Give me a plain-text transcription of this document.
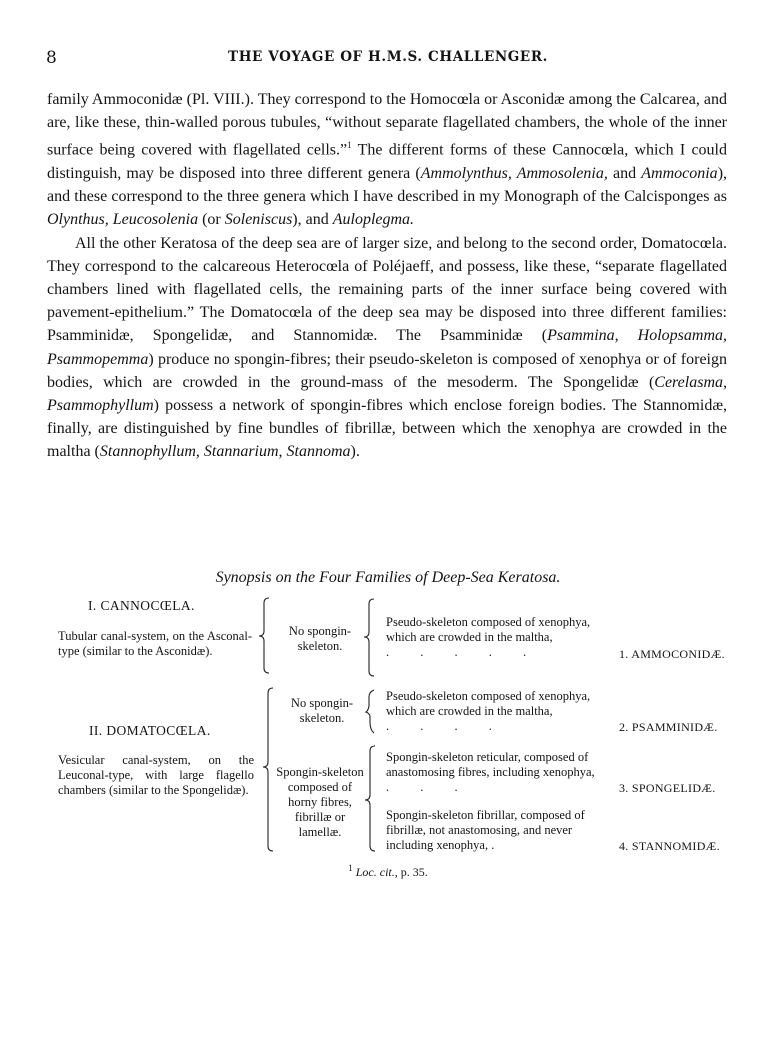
8	THE VOYAGE OF H.M.S. CHALLENGER.

family Ammoconidæ (Pl. VIII.). They correspond to the Homocœla or Asconidæ among the Calcarea, and are, like these, thin-walled porous tubules, “without separate flagellated chambers, the whole of the inner surface being covered with flagellated cells.”$^1$ The different forms of these Cannocœla, which I could distinguish, may be disposed into three different genera (Ammolynthus, Ammosolenia, and Ammoconia), and these correspond to the three genera which I have described in my Monograph of the Calcisponges as Olynthus, Leucosolenia (or Soleniscus), and Auloplegma.

All the other Keratosa of the deep sea are of larger size, and belong to the second order, Domatocœla. They correspond to the calcareous Heterocœla of Poléjaeff, and possess, like these, “separate flagellated chambers lined with flagellated cells, the remaining parts of the inner surface being covered with pavement-epithelium.” The Domatocœla of the deep sea may be disposed into three different families: Psamminidæ, Spongelidæ, and Stannomidæ. The Psamminidæ (Psammina, Holopsamma, Psammopemma) produce no spongin-fibres; their pseudo-skeleton is composed of xenophya or of foreign bodies, which are crowded in the ground-mass of the mesoderm. The Spongelidæ (Cerelasma, Psammophyllum) possess a network of spongin-fibres which enclose foreign bodies. The Stannomidæ, finally, are distinguished by fine bundles of fibrillæ, between which the xenophya are crowded in the maltha (Stannophyllum, Stannarium, Stannoma).

Synopsis on the Four Families of Deep-Sea Keratosa.
I. CANNOCŒLA.
Tubular canal-system, on the Asconal-type (similar to the Asconidæ).
No spongin-skeleton.
Pseudo-skeleton composed of xenophya, which are crowded in the maltha, . . . . .	1. AMMOCONIDÆ.
II. DOMATOCŒLA.
Vesicular canal-system, on the Leuconal-type, with large flagello chambers (similar to the Spongelidæ).
No spongin-skeleton.
Pseudo-skeleton composed of xenophya, which are crowded in the maltha, . . . .	2. PSAMMINIDÆ.
Spongin-skeleton composed of horny fibres, fibrillæ or lamellæ.
Spongin-skeleton reticular, composed of anastomosing fibres, including xenophya, . . .	3. SPONGELIDÆ.
Spongin-skeleton fibrillar, composed of fibrillæ, not anastomosing, and never including xenophya, .	4. STANNOMIDÆ.
$^1$ Loc. cit., p. 35.
